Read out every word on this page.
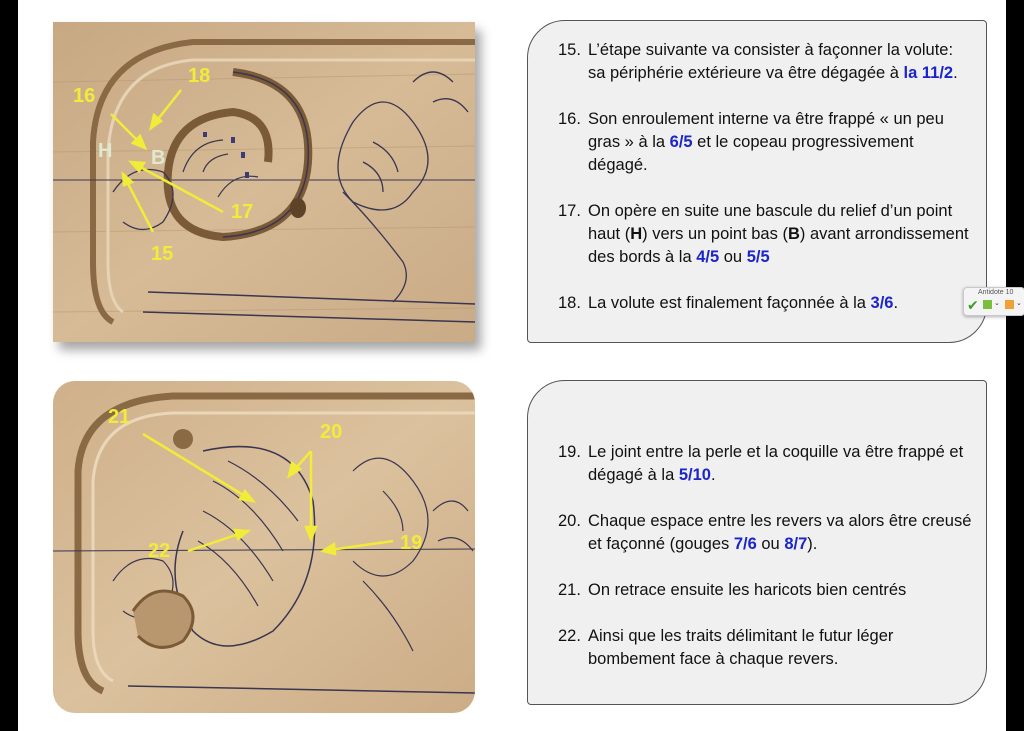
16
18
H B
17
15
15. L’étape suivante va consister à façonner la volute: sa périphérie extérieure va être dégagée à la 11/2.
16. Son enroulement interne va être frappé « un peu gras » à la 6/5 et le copeau progressivement dégagé.
17. On opère en suite une bascule du relief d’un point haut (H) vers un point bas (B) avant arrondissement des bords à la 4/5 ou 5/5
18. La volute est finalement façonnée à la 3/6.
21
20
22	19
19. Le joint entre la perle et la coquille va être frappé et dégagé à la 5/10.
20. Chaque espace entre les revers va alors être creusé et façonné (gouges 7/6 ou 8/7).
21. On retrace ensuite les haricots bien centrés
22. Ainsi que les traits délimitant le futur léger bombement face à chaque revers.
Antidote 10
✔ ⌄ ⌄
